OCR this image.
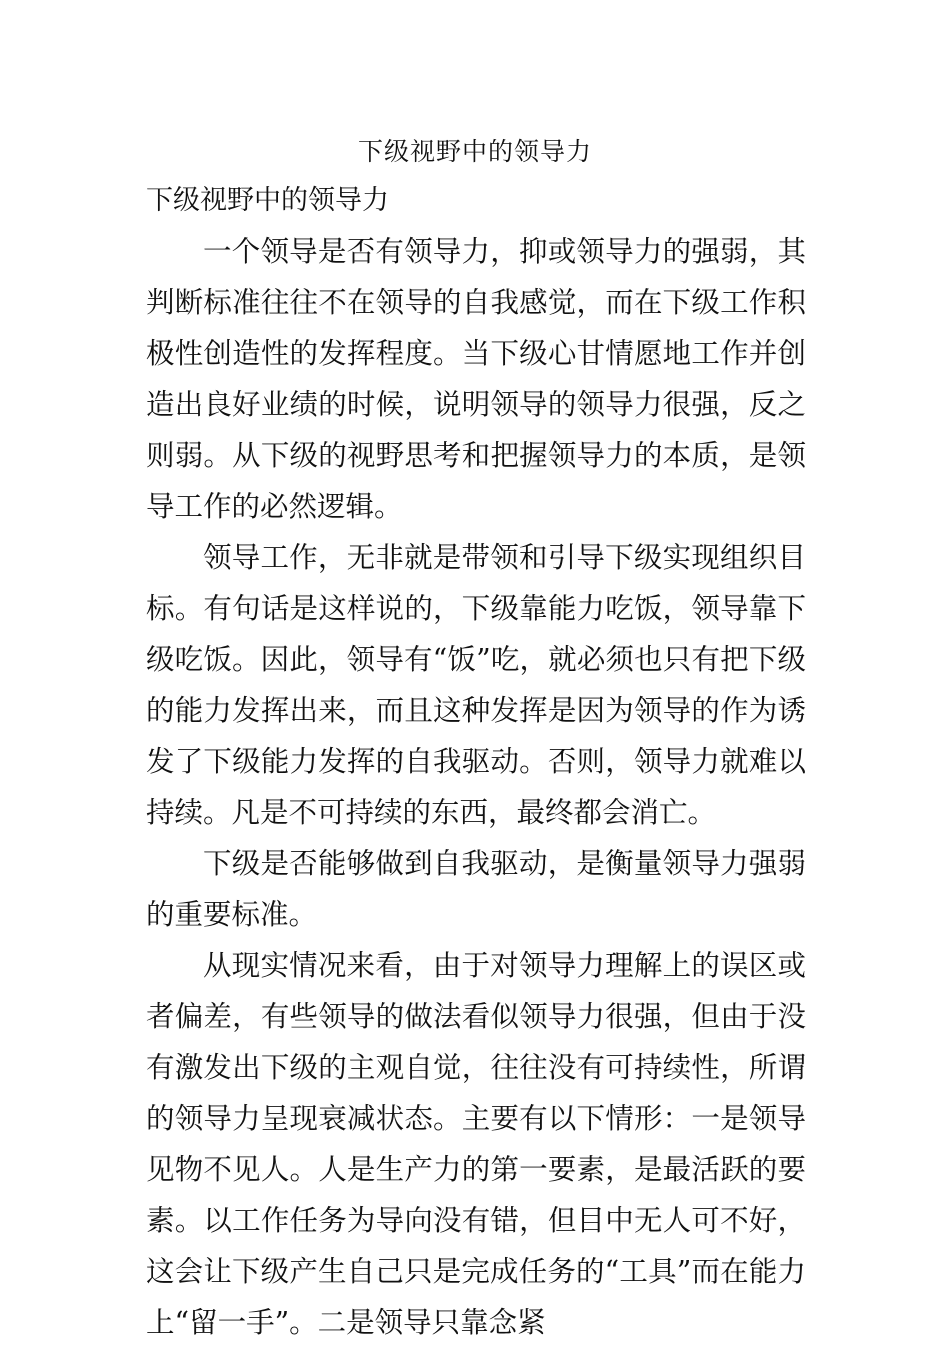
下级视野中的领导力
下级视野中的领导力

一个领导是否有领导力，抑或领导力的强弱，其判断标准往往不在领导的自我感觉，而在下级工作积极性创造性的发挥程度。当下级心甘情愿地工作并创造出良好业绩的时候，说明领导的领导力很强，反之则弱。从下级的视野思考和把握领导力的本质，是领导工作的必然逻辑。

领导工作，无非就是带领和引导下级实现组织目标。有句话是这样说的，下级靠能力吃饭，领导靠下级吃饭。因此，领导有“饭”吃，就必须也只有把下级的能力发挥出来，而且这种发挥是因为领导的作为诱发了下级能力发挥的自我驱动。否则，领导力就难以持续。凡是不可持续的东西，最终都会消亡。

下级是否能够做到自我驱动，是衡量领导力强弱的重要标准。

从现实情况来看，由于对领导力理解上的误区或者偏差，有些领导的做法看似领导力很强，但由于没有激发出下级的主观自觉，往往没有可持续性，所谓的领导力呈现衰减状态。主要有以下情形：一是领导见物不见人。人是生产力的第一要素，是最活跃的要素。以工作任务为导向没有错，但目中无人可不好，这会让下级产生自己只是完成任务的“工具”而在能力上“留一手”。二是领导只靠念紧
